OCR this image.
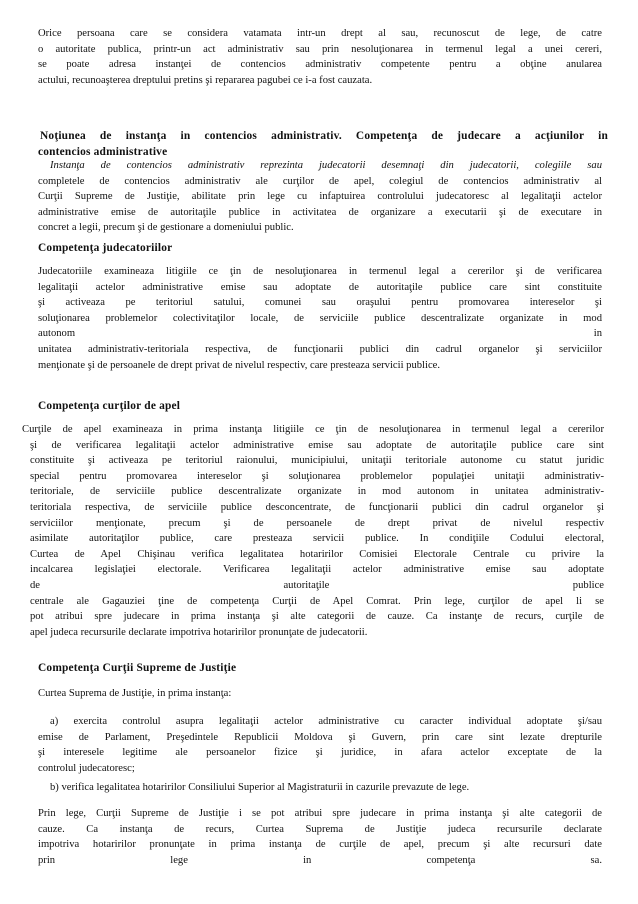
Orice persoana care se considera vatamata intr-un drept al sau, recunoscut de lege, de catre
o autoritate publica, printr-un act administrativ sau prin nesoluţionarea in termenul legal a unei cereri,
se poate adresa instanţei de contencios administrativ competente pentru a obţine anularea
actului, recunoaşterea dreptului pretins şi repararea pagubei ce i-a fost cauzata.
Noţiunea de instanţa in contencios administrativ. Competenţa de judecare a acţiunilor in
contencios administrative
Instanţa de contencios administrativ reprezinta judecatorii desemnaţi din judecatorii, colegiile sau
completele de contencios administrativ ale curţilor de apel, colegiul de contencios administrativ al
Curţii Supreme de Justiţie, abilitate prin lege cu infaptuirea controlului judecatoresc al legalitaţii actelor
administrative emise de autoritaţile publice in activitatea de organizare a executarii şi de executare in
concret a legii, precum şi de gestionare a domeniului public.
Competenţa judecatoriilor
Judecatoriile examineaza litigiile ce ţin de nesoluţionarea in termenul legal a cererilor şi de verificarea
legalitaţii actelor administrative emise sau adoptate de autoritaţile publice care sint constituite
şi activeaza pe teritoriul satului, comunei sau oraşului pentru promovarea intereselor şi
soluţionarea problemelor colectivitaţilor locale, de serviciile publice descentralizate organizate in mod
autonom in
unitatea administrativ-teritoriala respectiva, de funcţionarii publici din cadrul organelor şi serviciilor
menţionate şi de persoanele de drept privat de nivelul respectiv, care presteaza servicii publice.
Competenţa curţilor de apel
Curţile de apel examineaza in prima instanţa litigiile ce ţin de nesoluţionarea in termenul legal a cererilor
şi de verificarea legalitaţii actelor administrative emise sau adoptate de autoritaţile publice care sint
constituite şi activeaza pe teritoriul raionului, municipiului, unitaţii teritoriale autonome cu statut juridic
special pentru promovarea intereselor şi soluţionarea problemelor populaţiei unitaţii administrativ-
teritoriale, de serviciile publice descentralizate organizate in mod autonom in unitatea administrativ-
teritoriala respectiva, de serviciile publice desconcentrate, de funcţionarii publici din cadrul organelor şi
serviciilor menţionate, precum şi de persoanele de drept privat de nivelul respectiv
asimilate autoritaţilor publice, care presteaza servicii publice. In condiţiile Codului electoral,
Curtea de Apel Chişinau verifica legalitatea hotaririlor Comisiei Electorale Centrale cu privire la
incalcarea legislaţiei electorale. Verificarea legalitaţii actelor administrative emise sau adoptate
de autoritaţile publice
centrale ale Gagauziei ţine de competenţa Curţii de Apel Comrat. Prin lege, curţilor de apel li se
pot atribui spre judecare in prima instanţa şi alte categorii de cauze. Ca instanţe de recurs, curţile de
apel judeca recursurile declarate impotriva hotaririlor pronunţate de judecatorii.
Competenţa Curţii Supreme de Justiţie
Curtea Suprema de Justiţie, in prima instanţa:
a) exercita controlul asupra legalitaţii actelor administrative cu caracter individual adoptate şi/sau
emise de Parlament, Preşedintele Republicii Moldova şi Guvern, prin care sint lezate drepturile
şi interesele legitime ale persoanelor fizice şi juridice, in afara actelor exceptate de la
controlul judecatoresc;
b) verifica legalitatea hotaririlor Consiliului Superior al Magistraturii in cazurile prevazute de lege.
Prin lege, Curţii Supreme de Justiţie i se pot atribui spre judecare in prima instanţa şi alte categorii de
cauze. Ca instanţa de recurs, Curtea Suprema de Justiţie judeca recursurile declarate
impotriva hotaririlor pronunţate in prima instanţa de curţile de apel, precum şi alte recursuri date
prin lege in competenţa sa.
